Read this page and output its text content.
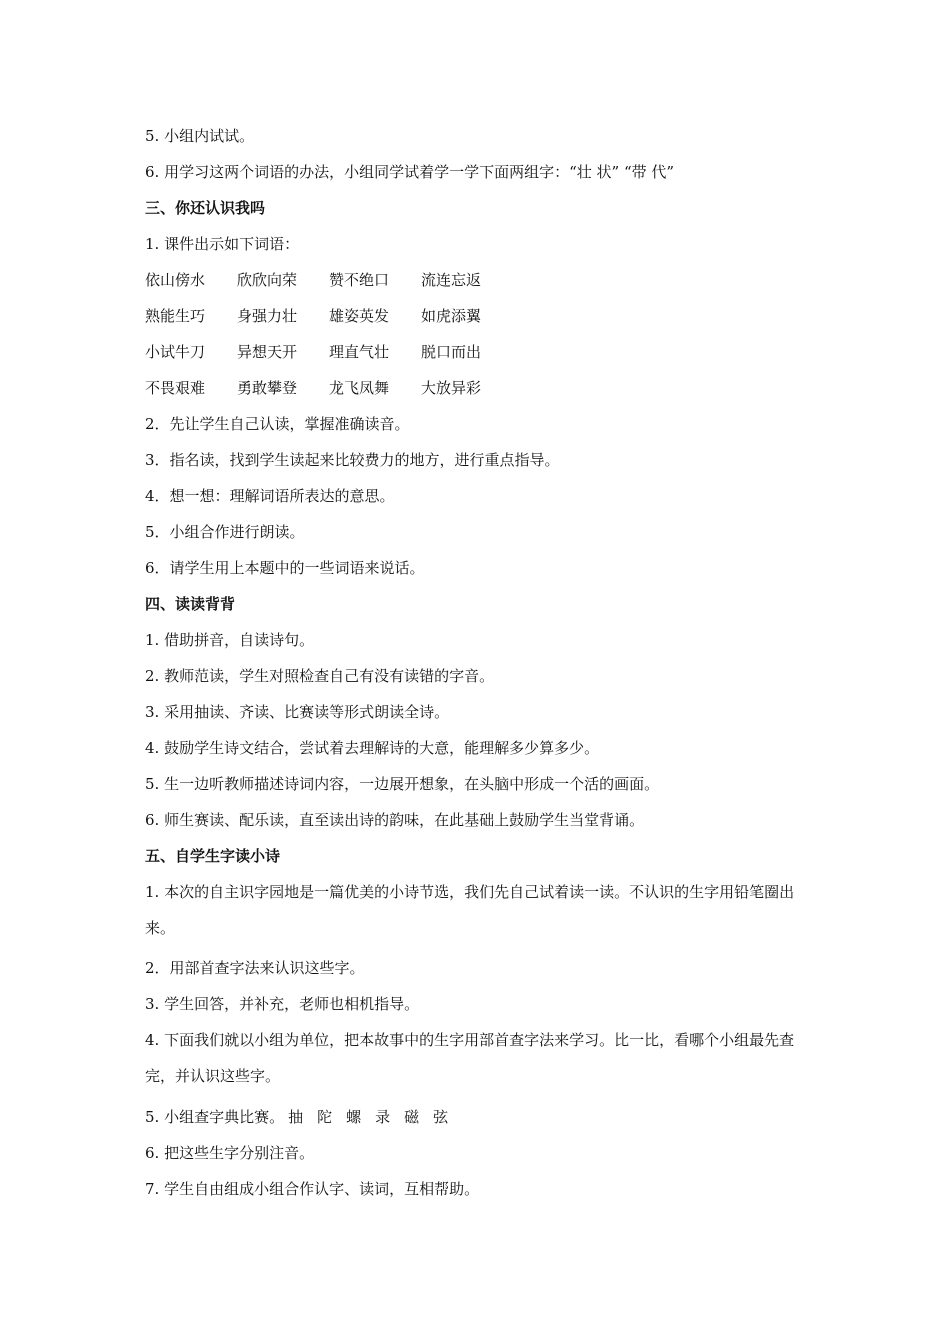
5. 小组内试试。
6. 用学习这两个词语的办法，小组同学试着学一学下面两组字：“壮 状” “带 代”
三、你还认识我吗
1. 课件出示如下词语：
依山傍水 欣欣向荣 赞不绝口 流连忘返
熟能生巧 身强力壮 雄姿英发 如虎添翼
小试牛刀 异想天开 理直气壮 脱口而出
不畏艰难 勇敢攀登 龙飞凤舞 大放异彩
2．先让学生自己认读，掌握准确读音。
3．指名读，找到学生读起来比较费力的地方，进行重点指导。
4．想一想：理解词语所表达的意思。
5．小组合作进行朗读。
6．请学生用上本题中的一些词语来说话。
四、读读背背
1. 借助拼音，自读诗句。
2. 教师范读，学生对照检查自己有没有读错的字音。
3. 采用抽读、齐读、比赛读等形式朗读全诗。
4. 鼓励学生诗文结合，尝试着去理解诗的大意，能理解多少算多少。
5. 生一边听教师描述诗词内容，一边展开想象，在头脑中形成一个活的画面。
6. 师生赛读、配乐读，直至读出诗的韵味，在此基础上鼓励学生当堂背诵。
五、自学生字读小诗
1. 本次的自主识字园地是一篇优美的小诗节选，我们先自己试着读一读。不认识的生字用铅笔圈出来。
2．用部首查字法来认识这些字。
3. 学生回答，并补充，老师也相机指导。
4. 下面我们就以小组为单位，把本故事中的生字用部首查字法来学习。比一比，看哪个小组最先查完，并认识这些字。
5. 小组查字典比赛。 抽 陀 螺 录 磁 弦
6. 把这些生字分别注音。
7. 学生自由组成小组合作认字、读词，互相帮助。
